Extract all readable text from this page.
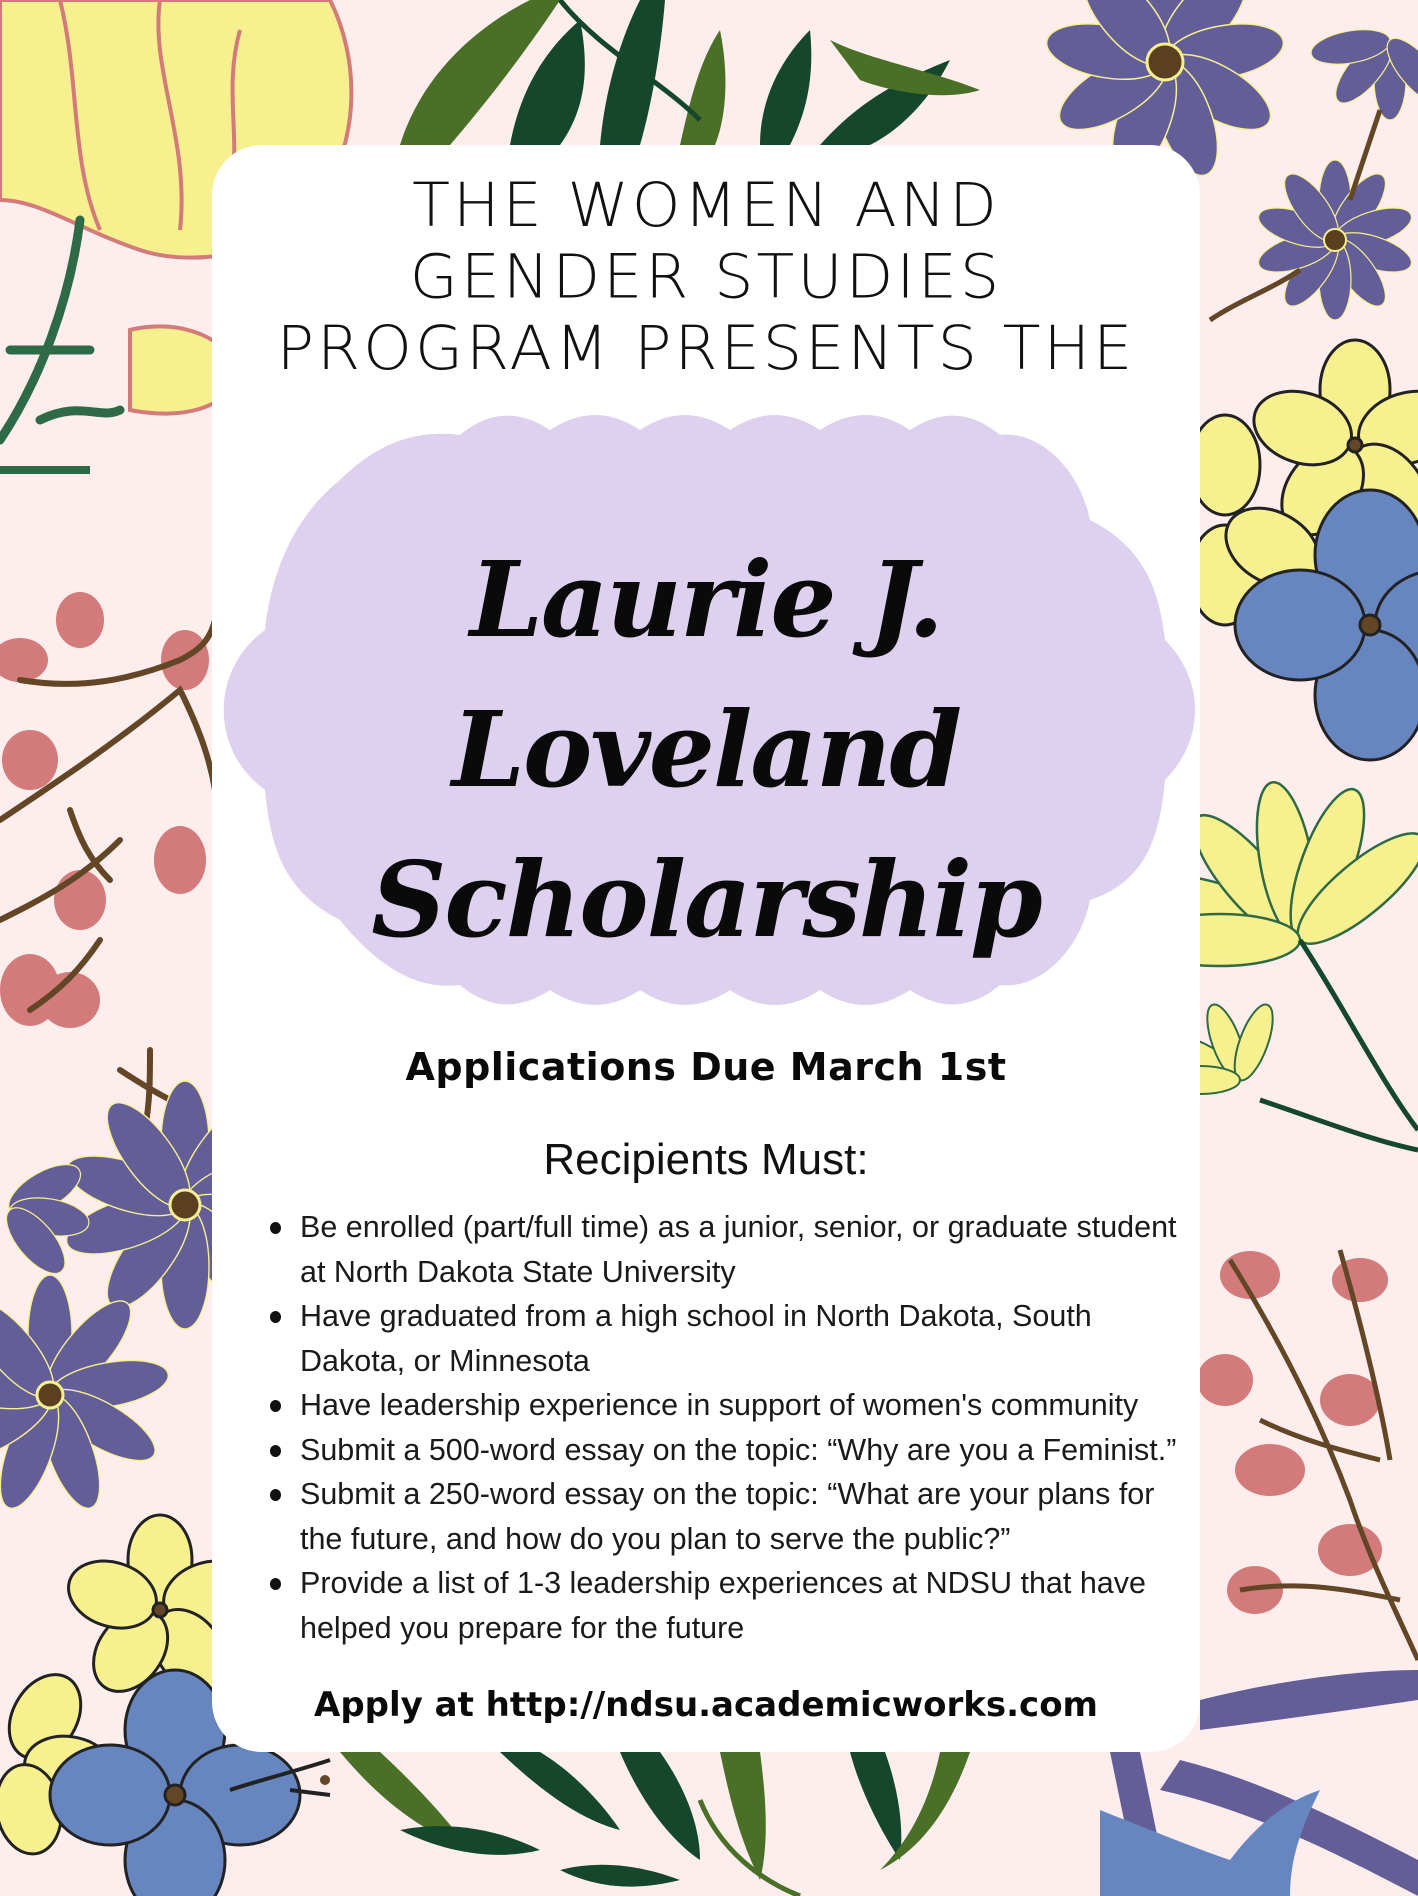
THE WOMEN AND
GENDER STUDIES
PROGRAM PRESENTS THE
Laurie J. Loveland
Scholarship
Applications Due March 1st
Recipients Must:
Be enrolled (part/full time) as a junior, senior, or graduate student at North Dakota State University
Have graduated from a high school in North Dakota, South Dakota, or Minnesota
Have leadership experience in support of women's community
Submit a 500-word essay on the topic: “Why are you a Feminist.”
Submit a 250-word essay on the topic: “What are your plans for the future, and how do you plan to serve the public?”
Provide a list of 1-3 leadership experiences at NDSU that have helped you prepare for the future
Apply at http://ndsu.academicworks.com
